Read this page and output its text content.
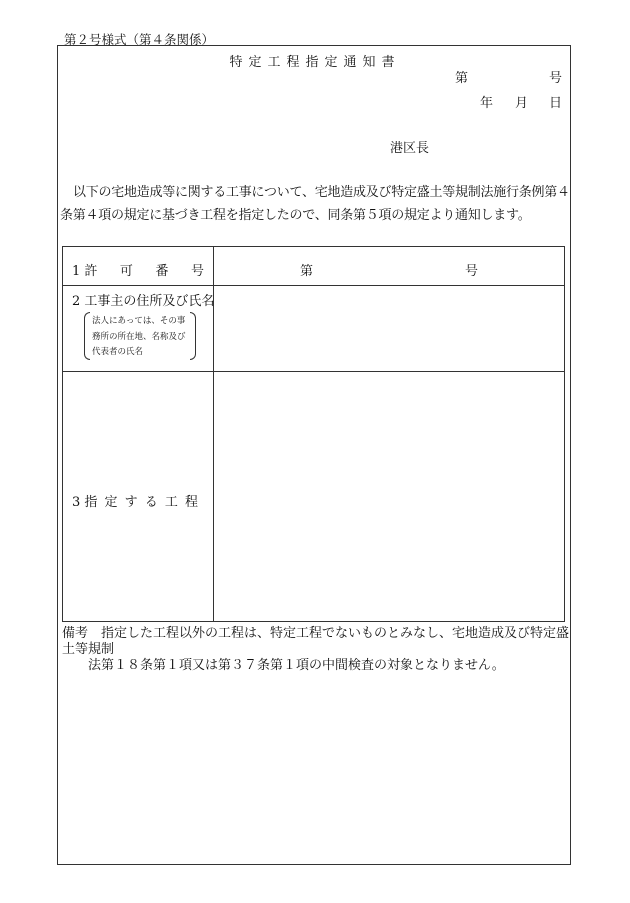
第２号様式（第４条関係）
特定工程指定通知書
第	号
年 月 日
港区長
以下の宅地造成等に関する工事について、宅地造成及び特定盛土等規制法施行条例第４条第４項の規定に基づき工程を指定したので、同条第５項の規定より通知します。
1 許 可 番 号	第	号
2 工事主の住所及び氏名
法人にあっては、その事務所の所在地、名称及び代表者の氏名
3 指 定 す る 工 程
備考 指定した工程以外の工程は、特定工程でないものとみなし、宅地造成及び特定盛土等規制
法第１８条第１項又は第３７条第１項の中間検査の対象となりません。
